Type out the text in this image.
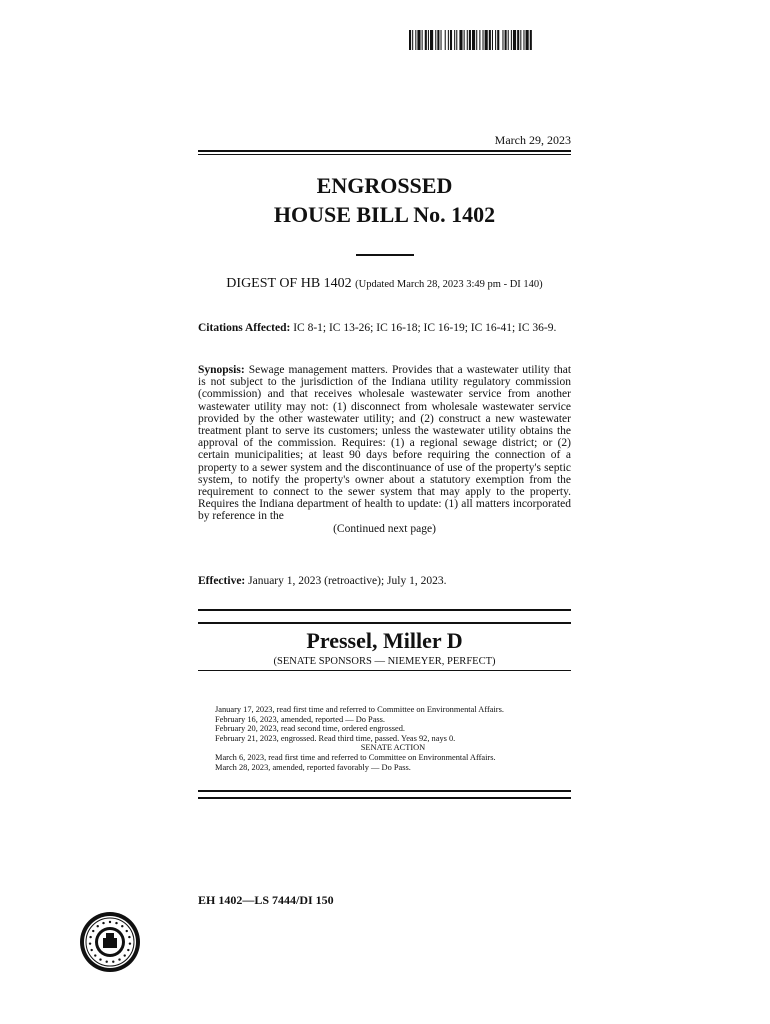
March 29, 2023
ENGROSSED
HOUSE BILL No. 1402
DIGEST OF HB 1402 (Updated March 28, 2023 3:49 pm - DI 140)
Citations Affected: IC 8-1; IC 13-26; IC 16-18; IC 16-19; IC 16-41; IC 36-9.
Synopsis: Sewage management matters. Provides that a wastewater utility that is not subject to the jurisdiction of the Indiana utility regulatory commission (commission) and that receives wholesale wastewater service from another wastewater utility may not: (1) disconnect from wholesale wastewater service provided by the other wastewater utility; and (2) construct a new wastewater treatment plant to serve its customers; unless the wastewater utility obtains the approval of the commission. Requires: (1) a regional sewage district; or (2) certain municipalities; at least 90 days before requiring the connection of a property to a sewer system and the discontinuance of use of the property's septic system, to notify the property's owner about a statutory exemption from the requirement to connect to the sewer system that may apply to the property. Requires the Indiana department of health to update: (1) all matters incorporated by reference in the
(Continued next page)
Effective: January 1, 2023 (retroactive); July 1, 2023.
Pressel, Miller D
(SENATE SPONSORS — NIEMEYER, PERFECT)
January 17, 2023, read first time and referred to Committee on Environmental Affairs.
February 16, 2023, amended, reported — Do Pass.
February 20, 2023, read second time, ordered engrossed.
February 21, 2023, engrossed. Read third time, passed. Yeas 92, nays 0.
SENATE ACTION
March 6, 2023, read first time and referred to Committee on Environmental Affairs.
March 28, 2023, amended, reported favorably — Do Pass.
EH 1402—LS 7444/DI 150
